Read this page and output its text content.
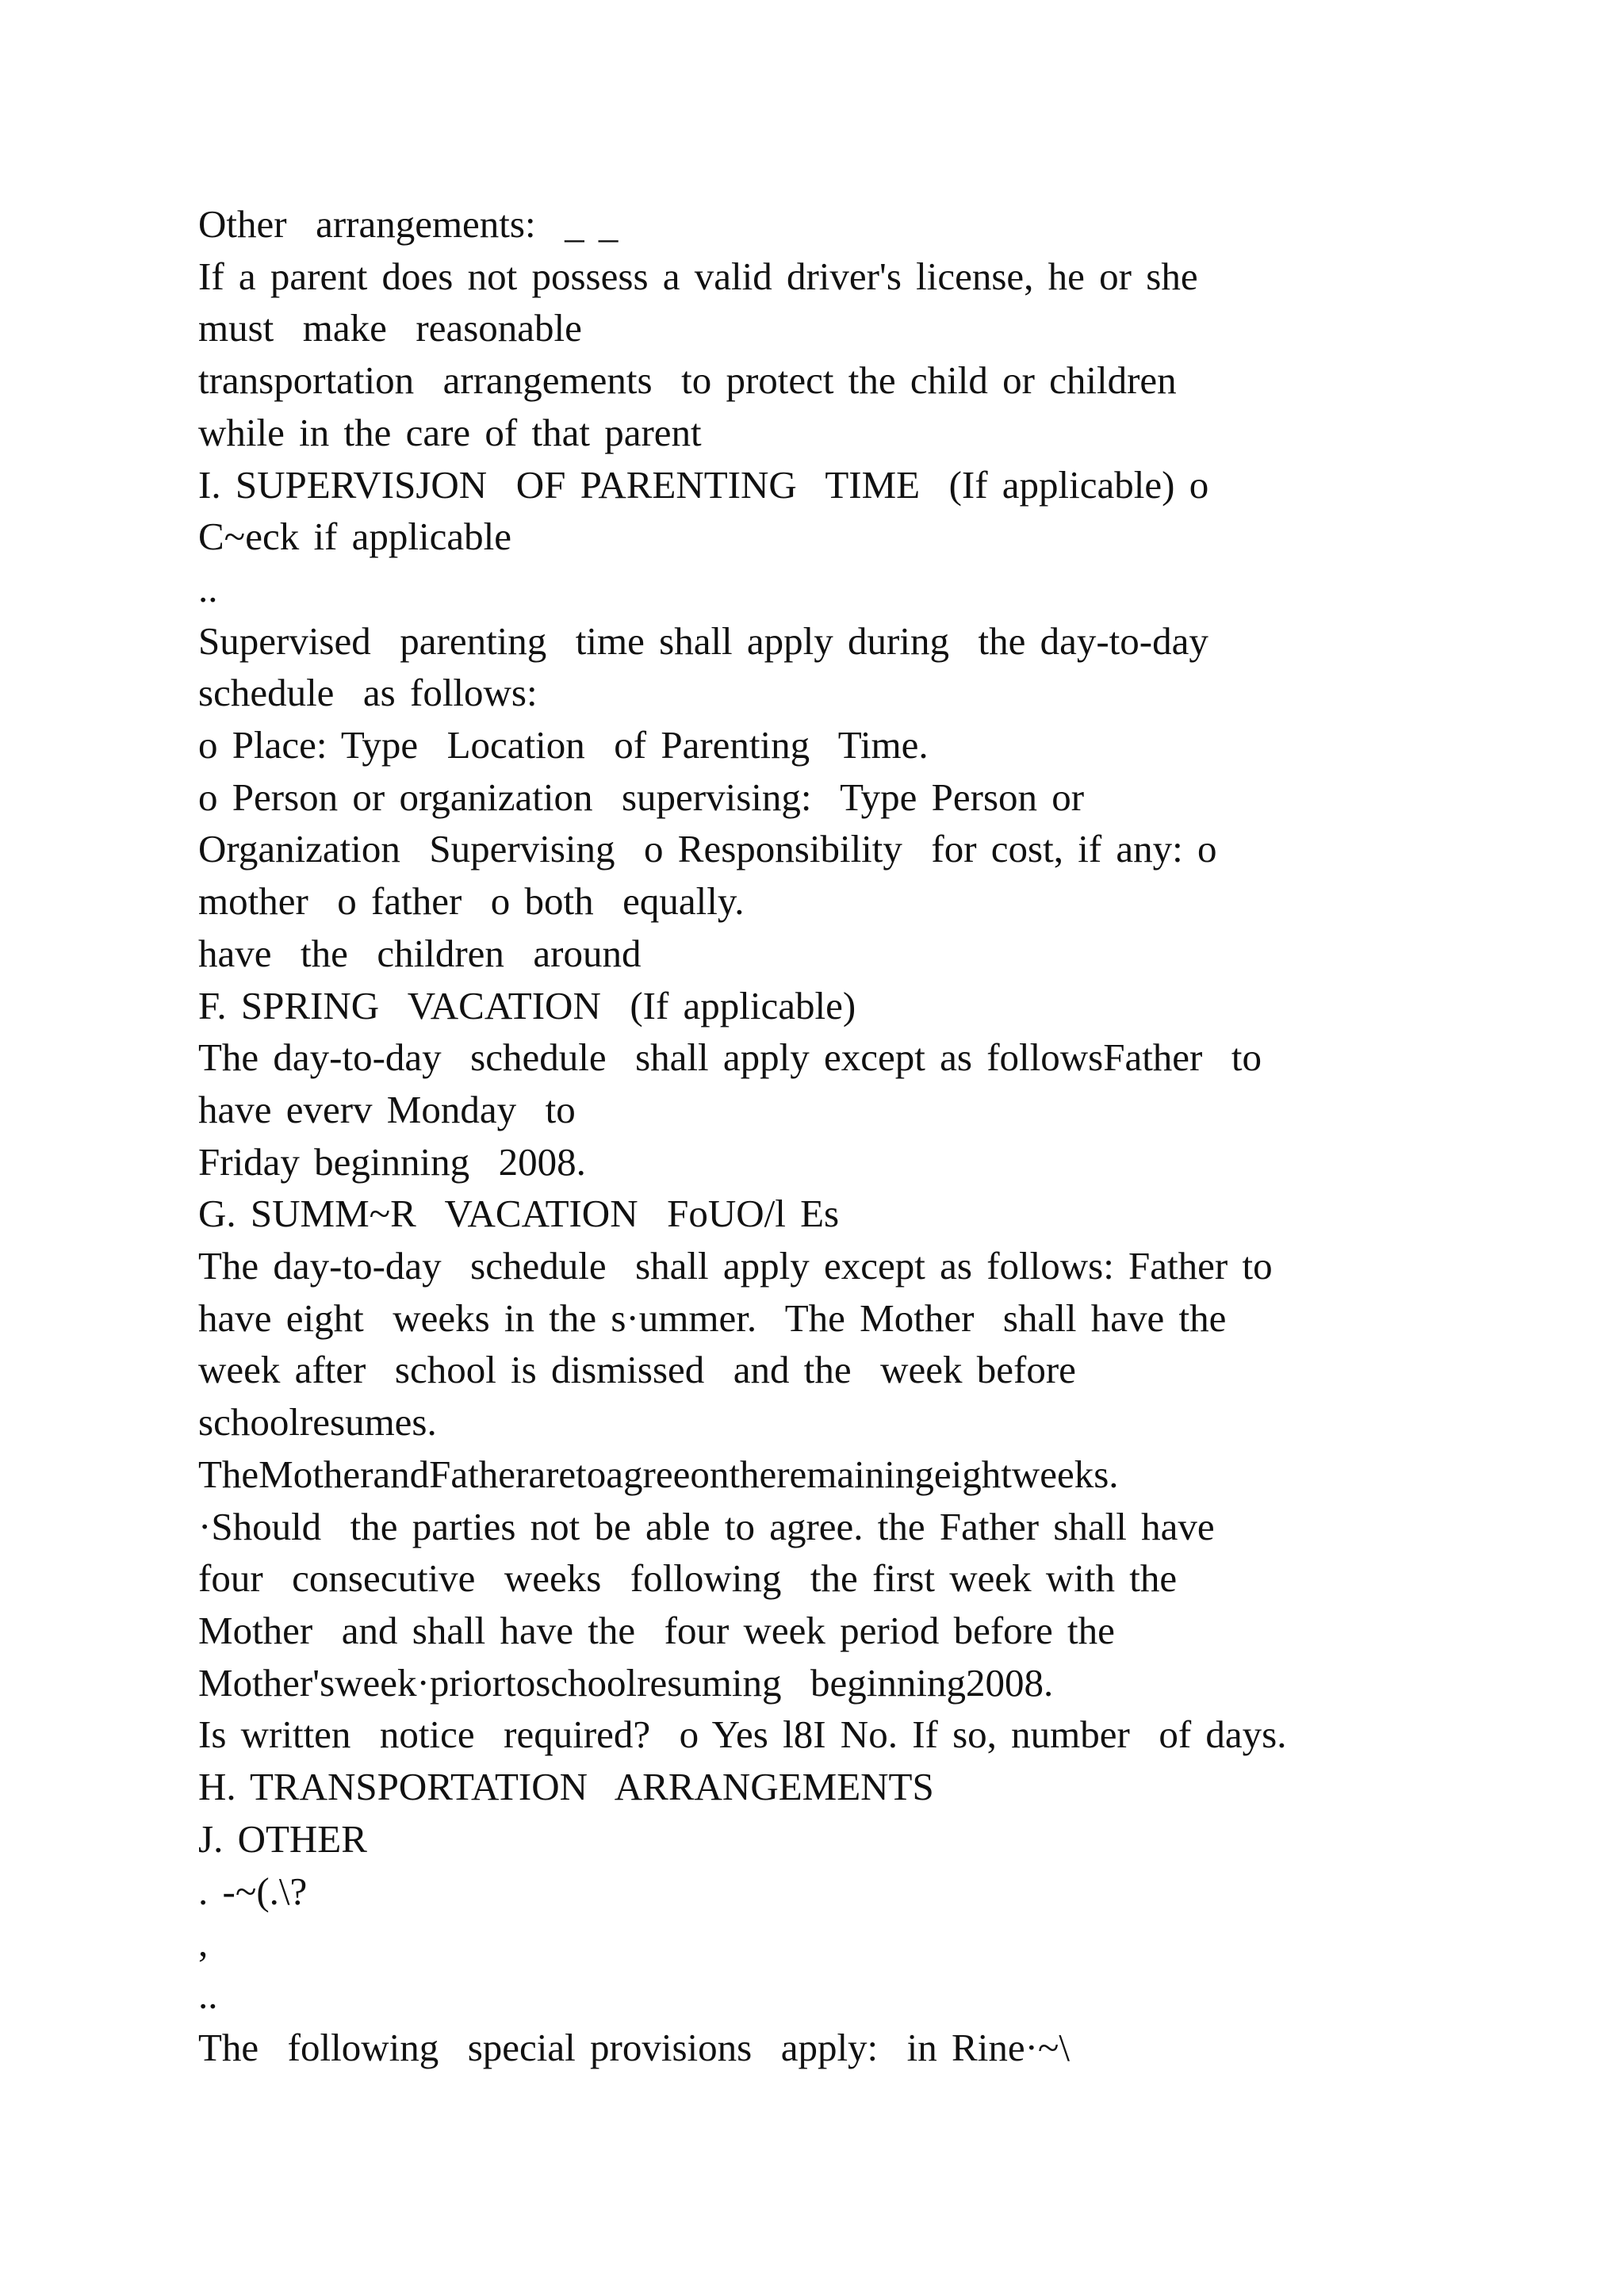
Other  arrangements:  _ _
If a parent does not possess a valid driver's license, he or she
must  make  reasonable
transportation  arrangements  to protect the child or children
while in the care of that parent
I. SUPERVISJON  OF PARENTING  TIME  (If applicable) o
C~eck if applicable
..
Supervised  parenting  time shall apply during  the day-to-day
schedule  as follows:
o Place: Type  Location  of Parenting  Time.
o Person or organization  supervising:  Type Person or
Organization  Supervising  o Responsibility  for cost, if any: o
mother  o father  o both  equally.
have  the  children  around
F. SPRING  VACATION  (If applicable)
The day-to-day  schedule  shall apply except as followsFather  to
have everv Monday  to
Friday beginning  2008.
G. SUMM~R  VACATION  FoUO/l Es
The day-to-day  schedule  shall apply except as follows: Father to
have eight  weeks in the s·ummer.  The Mother  shall have the
week after  school is dismissed  and the  week before
schoolresumes.
TheMotherandFatheraretoagreeontheremainingeightweeks.
·Should  the parties not be able to agree. the Father shall have
four  consecutive  weeks  following  the first week with the
Mother  and shall have the  four week period before the
Mother'sweek·priortoschoolresuming  beginning2008.
Is written  notice  required?  o Yes l8I No. If so, number  of days.
H. TRANSPORTATION  ARRANGEMENTS
J. OTHER
. -~(.\?
,
..
The  following  special provisions  apply:  in Rine·~\
